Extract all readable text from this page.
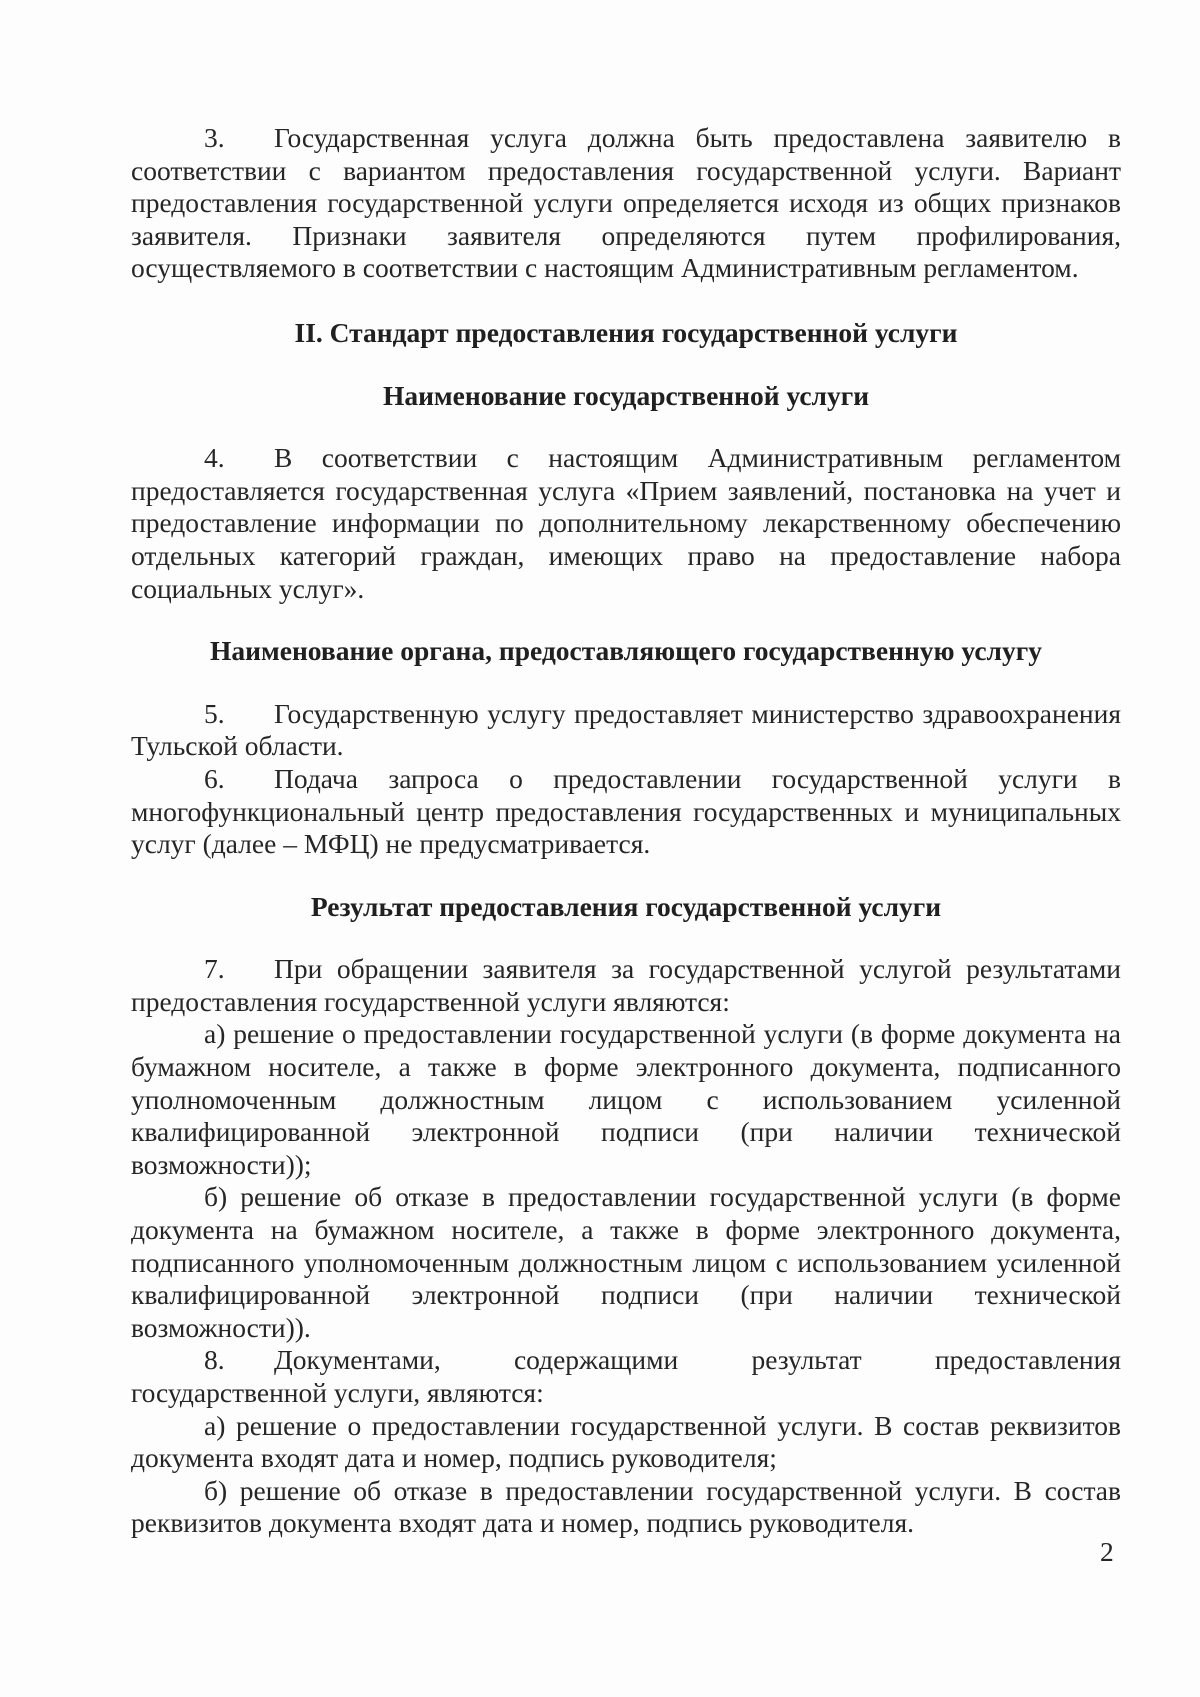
3. Государственная услуга должна быть предоставлена заявителю в соответствии с вариантом предоставления государственной услуги. Вариант предоставления государственной услуги определяется исходя из общих признаков заявителя. Признаки заявителя определяются путем профилирования, осуществляемого в соответствии с настоящим Административным регламентом.

II. Стандарт предоставления государственной услуги
Наименование государственной услуги

4. В соответствии с настоящим Административным регламентом предоставляется государственная услуга «Прием заявлений, постановка на учет и предоставление информации по дополнительному лекарственному обеспечению отдельных категорий граждан, имеющих право на предоставление набора социальных услуг».

Наименование органа, предоставляющего государственную услугу

5. Государственную услугу предоставляет министерство здравоохранения Тульской области.

6. Подача запроса о предоставлении государственной услуги в многофункциональный центр предоставления государственных и муниципальных услуг (далее – МФЦ) не предусматривается.

Результат предоставления государственной услуги

7. При обращении заявителя за государственной услугой результатами предоставления государственной услуги являются:

а) решение о предоставлении государственной услуги (в форме документа на бумажном носителе, а также в форме электронного документа, подписанного уполномоченным должностным лицом с использованием усиленной квалифицированной электронной подписи (при наличии технической возможности));

б) решение об отказе в предоставлении государственной услуги (в форме документа на бумажном носителе, а также в форме электронного документа, подписанного уполномоченным должностным лицом с использованием усиленной квалифицированной электронной подписи (при наличии технической возможности)).

8. Документами, содержащими результат предоставления государственной услуги, являются:

а) решение о предоставлении государственной услуги. В состав реквизитов документа входят дата и номер, подпись руководителя;

б) решение об отказе в предоставлении государственной услуги. В состав реквизитов документа входят дата и номер, подпись руководителя.

2
